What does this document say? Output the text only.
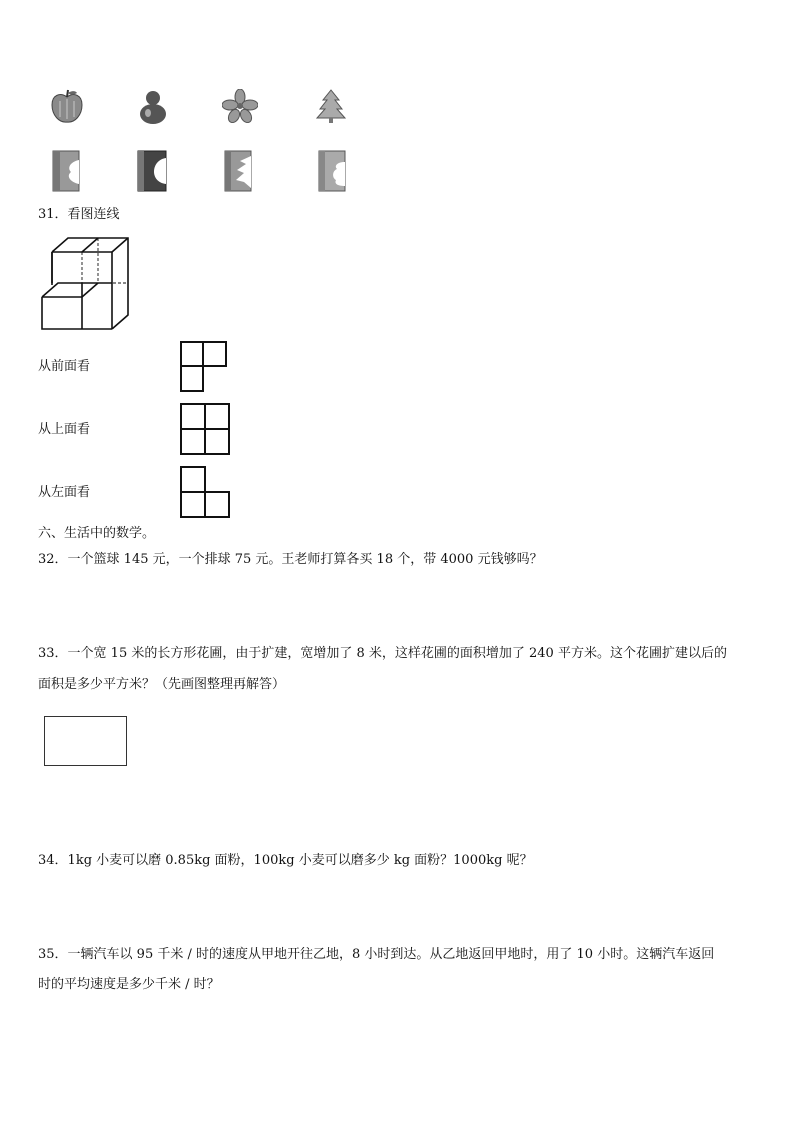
31．看图连线
从前面看
从上面看
从左面看
六、生活中的数学。
32．一个篮球 145 元，一个排球 75 元。王老师打算各买 18 个，带 4000 元钱够吗？
33．一个宽 15 米的长方形花圃，由于扩建，宽增加了 8 米，这样花圃的面积增加了 240 平方米。这个花圃扩建以后的
面积是多少平方米？（先画图整理再解答）
34．1kg 小麦可以磨 0.85kg 面粉，100kg 小麦可以磨多少 kg 面粉？1000kg 呢？
35．一辆汽车以 95 千米 / 时的速度从甲地开往乙地，8 小时到达。从乙地返回甲地时，用了 10 小时。这辆汽车返回
时的平均速度是多少千米 / 时？
